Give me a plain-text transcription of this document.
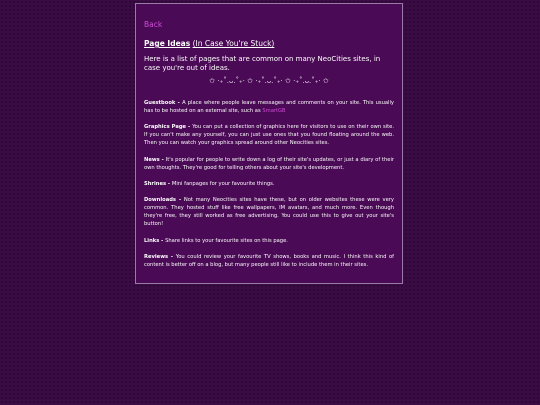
Back
Page Ideas (In Case You're Stuck)
Here is a list of pages that are common on many NeoCities sites, in case you're out of ideas.
✩ ‧₊˚.ᴗ.˚₊‧ ✩ ‧₊˚.ᴗ.˚₊‧ ✩ ‧₊˚.ᴗ.˚₊‧ ✩

Guestbook - A place where people leave messages and comments on your site. This usually has to be hosted on an external site, such as SmartGB

Graphics Page - You can put a collection of graphics here for visitors to use on their own site. If you can't make any yourself, you can just use ones that you found floating around the web. Then you can watch your graphics spread around other Neocities sites.

News - It's popular for people to write down a log of their site's updates, or just a diary of their own thoughts. They're good for telling others about your site's development.

Shrines - Mini fanpages for your favourite things.

Downloads - Not many Neocities sites have these, but on older websites these were very common. They hosted stuff like free wallpapers, IM avatars, and much more. Even though they're free, they still worked as free advertising. You could use this to give out your site's button!

Links - Share links to your favourite sites on this page.

Reviews - You could review your favourite TV shows, books and music. I think this kind of content is better off on a blog, but many people still like to include them in their sites.
